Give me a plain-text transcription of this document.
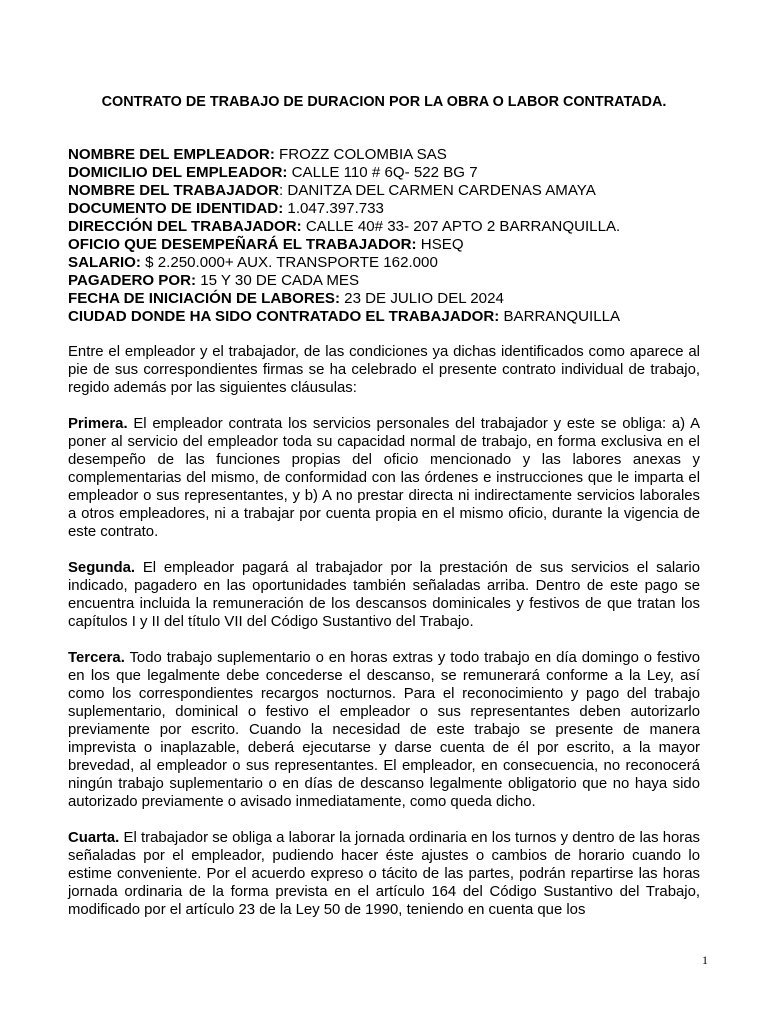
CONTRATO DE TRABAJO DE DURACION POR LA OBRA O LABOR CONTRATADA.
NOMBRE DEL EMPLEADOR: FROZZ COLOMBIA SAS
DOMICILIO DEL EMPLEADOR: CALLE 110 # 6Q- 522 BG 7
NOMBRE DEL TRABAJADOR: DANITZA DEL CARMEN CARDENAS AMAYA
DOCUMENTO DE IDENTIDAD: 1.047.397.733
DIRECCIÓN DEL TRABAJADOR: CALLE 40# 33- 207 APTO 2 BARRANQUILLA.
OFICIO QUE DESEMPEÑARÁ EL TRABAJADOR: HSEQ
SALARIO: $ 2.250.000+ AUX. TRANSPORTE 162.000
PAGADERO POR: 15 Y 30 DE CADA MES
FECHA DE INICIACIÓN DE LABORES: 23 DE JULIO DEL 2024
CIUDAD DONDE HA SIDO CONTRATADO EL TRABAJADOR: BARRANQUILLA

Entre el empleador y el trabajador, de las condiciones ya dichas identificados como aparece al pie de sus correspondientes firmas se ha celebrado el presente contrato individual de trabajo, regido además por las siguientes cláusulas:

Primera. El empleador contrata los servicios personales del trabajador y este se obliga: a) A poner al servicio del empleador toda su capacidad normal de trabajo, en forma exclusiva en el desempeño de las funciones propias del oficio mencionado y las labores anexas y complementarias del mismo, de conformidad con las órdenes e instrucciones que le imparta el empleador o sus representantes, y b) A no prestar directa ni indirectamente servicios laborales a otros empleadores, ni a trabajar por cuenta propia en el mismo oficio, durante la vigencia de este contrato.

Segunda. El empleador pagará al trabajador por la prestación de sus servicios el salario indicado, pagadero en las oportunidades también señaladas arriba. Dentro de este pago se encuentra incluida la remuneración de los descansos dominicales y festivos de que tratan los capítulos I y II del título VII del Código Sustantivo del Trabajo.

Tercera. Todo trabajo suplementario o en horas extras y todo trabajo en día domingo o festivo en los que legalmente debe concederse el descanso, se remunerará conforme a la Ley, así como los correspondientes recargos nocturnos. Para el reconocimiento y pago del trabajo suplementario, dominical o festivo el empleador o sus representantes deben autorizarlo previamente por escrito. Cuando la necesidad de este trabajo se presente de manera imprevista o inaplazable, deberá ejecutarse y darse cuenta de él por escrito, a la mayor brevedad, al empleador o sus representantes. El empleador, en consecuencia, no reconocerá ningún trabajo suplementario o en días de descanso legalmente obligatorio que no haya sido autorizado previamente o avisado inmediatamente, como queda dicho.

Cuarta. El trabajador se obliga a laborar la jornada ordinaria en los turnos y dentro de las horas señaladas por el empleador, pudiendo hacer éste ajustes o cambios de horario cuando lo estime conveniente. Por el acuerdo expreso o tácito de las partes, podrán repartirse las horas jornada ordinaria de la forma prevista en el artículo 164 del Código Sustantivo del Trabajo, modificado por el artículo 23 de la Ley 50 de 1990, teniendo en cuenta que los

1
